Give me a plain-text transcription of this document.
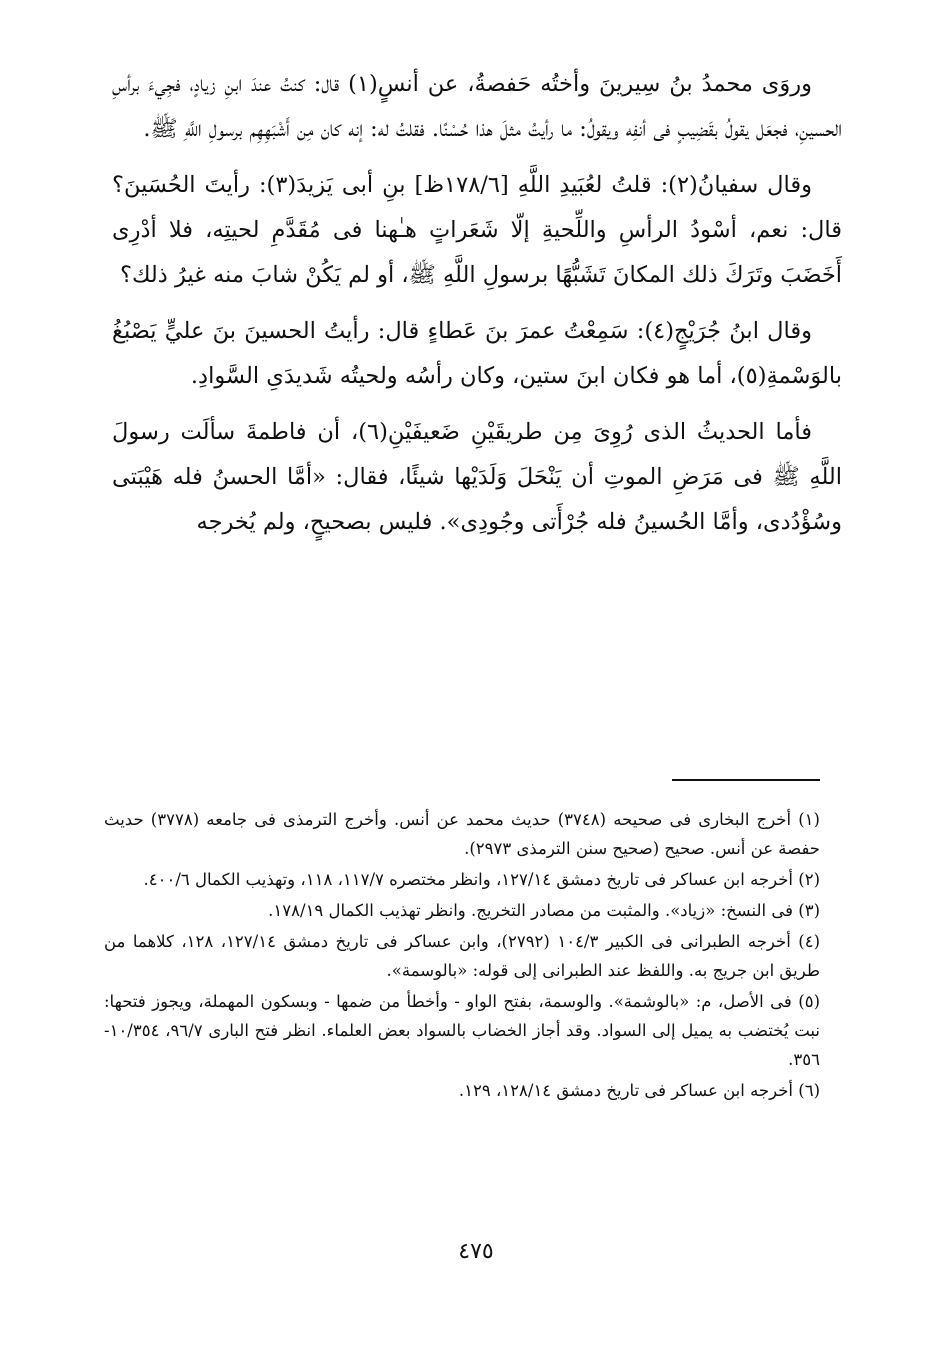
وروَى محمدُ بنُ سِيرينَ وأختُه حَفصةُ، عن أنسٍ(١) قال: كنتُ عندَ ابنِ زيادٍ، فجِيءَ برأسِ الحسينِ، فجعَل يقولُ بقَضِيبٍ فى أنفِه ويقولُ: ما رأيتُ مثلَ هذا حُسْنًا. فقلتُ له: إنه كان مِن أَشْبَهِهِم برسولِ اللَّهِ ﷺ.

وقال سفيانُ(٢): قلتُ لعُبَيدِ اللَّهِ [١٧٨/٦ظ] بنِ أبى يَزيدَ(٣): رأيتَ الحُسَينَ؟ قال: نعم، أسْودُ الرأسِ واللِّحيةِ إلّا شَعَراتٍ هـٰهنا فى مُقَدَّمِ لحيتِه، فلا أدْرِى أَخَضَبَ وتَرَكَ ذلك المكانَ تَشَبُّهًا برسولِ اللَّهِ ﷺ، أو لم يَكُنْ شابَ منه غيرُ ذلك؟

وقال ابنُ جُرَيْجٍ(٤): سَمِعْتُ عمرَ بنَ عَطاءٍ قال: رأيتُ الحسينَ بنَ عليٍّ يَصْبُغُ بالوَسْمةِ(٥)، أما هو فكان ابنَ ستين، وكان رأسُه ولحيتُه شَديدَىِ السَّوادِ.

فأما الحديثُ الذى رُوِىَ مِن طريقَيْنِ ضَعيفَيْنِ(٦)، أن فاطمةَ سألَت رسولَ اللَّهِ ﷺ فى مَرَضِ الموتِ أن يَنْحَلَ وَلَدَيْها شيئًا، فقال: «أمَّا الحسنُ فله هَيْبَتى وسُؤْدُدى، وأمَّا الحُسينُ فله جُرْأَتى وجُودِى». فليس بصحيحٍ، ولم يُخرجه

(١) أخرج البخارى فى صحيحه (٣٧٤٨) حديث محمد عن أنس. وأخرج الترمذى فى جامعه (٣٧٧٨) حديث حفصة عن أنس. صحيح (صحيح سنن الترمذى ٢٩٧٣).

(٢) أخرجه ابن عساكر فى تاريخ دمشق ١٢٧/١٤، وانظر مختصره ١١٧/٧، ١١٨، وتهذيب الكمال ٤٠٠/٦.

(٣) فى النسخ: «زياد». والمثبت من مصادر التخريج. وانظر تهذيب الكمال ١٧٨/١٩.

(٤) أخرجه الطبرانى فى الكبير ١٠٤/٣ (٢٧٩٢)، وابن عساكر فى تاريخ دمشق ١٢٧/١٤، ١٢٨، كلاهما من طريق ابن جريج به. واللفظ عند الطبرانى إلى قوله: «بالوسمة».

(٥) فى الأصل، م: «بالوشمة». والوسمة، بفتح الواو - وأخطأ من ضمها - وبسكون المهملة، ويجوز فتحها: نبت يُختضب به يميل إلى السواد. وقد أجاز الخضاب بالسواد بعض العلماء. انظر فتح البارى ٩٦/٧، ١٠/٣٥٤- ٣٥٦.

(٦) أخرجه ابن عساكر فى تاريخ دمشق ١٢٨/١٤، ١٢٩.

٤٧٥
